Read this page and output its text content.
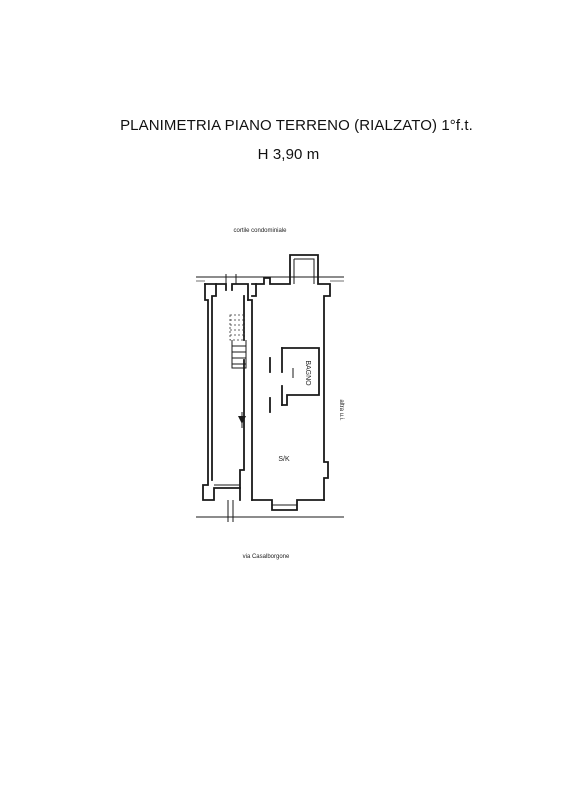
PLANIMETRIA PIANO TERRENO (RIALZATO) 1°f.t.
H 3,90 m
cortile condominiale
via Casalborgone
BAGNO
S/K
altra u.i.
